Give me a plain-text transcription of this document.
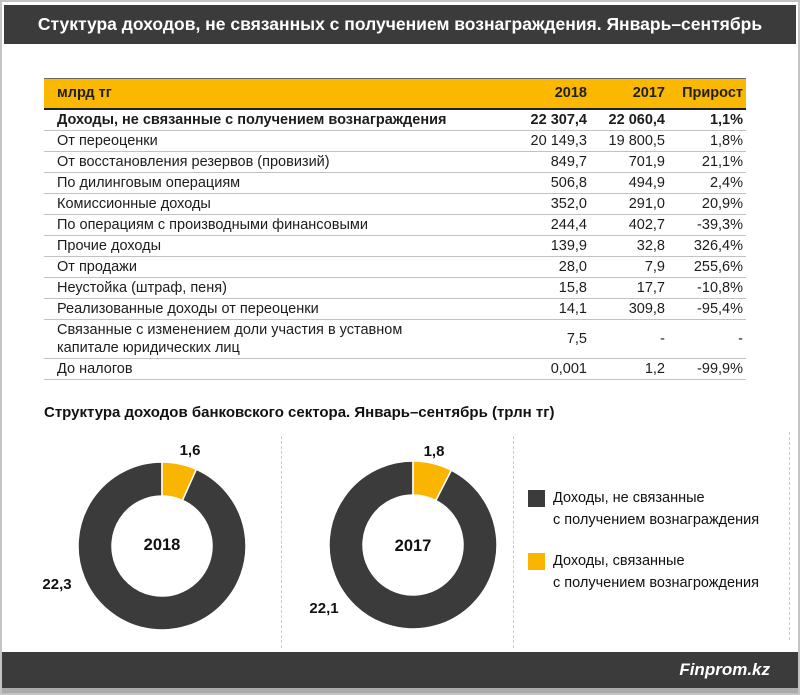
Стуктура доходов, не связанных с получением вознаграждения. Январь–сентябрь
млрд тг	2018	2017	Прирост
Доходы, не связанные с получением вознаграждения	22 307,4	22 060,4	1,1%
От переоценки	20 149,3	19 800,5	1,8%
От восстановления резервов (провизий)	849,7	701,9	21,1%
По дилинговым операциям	506,8	494,9	2,4%
Комиссионные доходы	352,0	291,0	20,9%
По операциям с производными финансовыми	244,4	402,7	-39,3%
Прочие доходы	139,9	32,8	326,4%
От продажи	28,0	7,9	255,6%
Неустойка (штраф, пеня)	15,8	17,7	-10,8%
Реализованные доходы от переоценки	14,1	309,8	-95,4%
Связанные с изменением доли участия в уставном капитале юридических лиц	7,5	-	-
До налогов	0,001	1,2	-99,9%
Структура доходов банковского сектора. Январь–сентябрь (трлн тг)
1,6
22,3
2018
1,8
22,1
2017
Доходы, не связанные
с получением вознаграждения
Доходы, связанные
с получением вознагрождения
Finprom.kz
